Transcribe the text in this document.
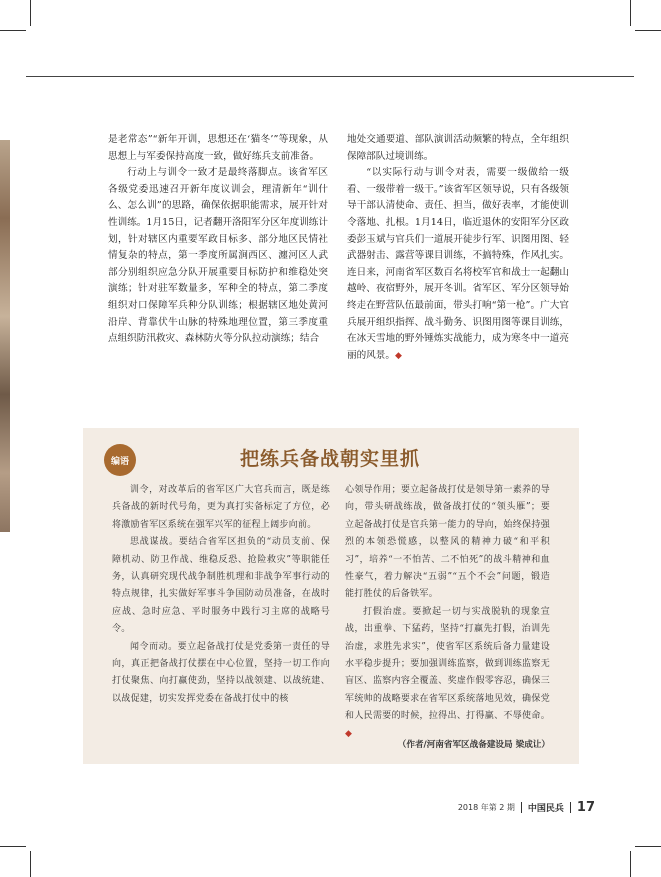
是老常态”“新年开训，思想还在‘猫冬’”等现象，从思想上与军委保持高度一致，做好练兵支前准备。

行动上与训令一致才是最终落脚点。该省军区各级党委迅速召开新年度议训会，理清新年“训什么、怎么训”的思路，确保依据职能需求，展开针对性训练。1月15日，记者翻开洛阳军分区年度训练计划，针对辖区内重要军政目标多、部分地区民情社情复杂的特点，第一季度所属涧西区、瀍河区人武部分别组织应急分队开展重要目标防护和维稳处突演练；针对驻军数量多，军种全的特点，第二季度组织对口保障军兵种分队训练；根据辖区地处黄河沿岸、背靠伏牛山脉的特殊地理位置，第三季度重点组织防汛救灾、森林防火等分队拉动演练；结合

地处交通要道、部队演训活动频繁的特点，全年组织保障部队过境训练。

“以实际行动与训令对表，需要一级做给一级看、一级带着一级干。”该省军区领导说，只有各级领导干部认清使命、责任、担当，做好表率，才能使训令落地、扎根。1月14日，临近退休的安阳军分区政委彭玉斌与官兵们一道展开徒步行军、识图用图、轻武器射击、露营等课目训练，不搞特殊，作风扎实。连日来，河南省军区数百名将校军官和战士一起翻山越岭、夜宿野外，展开冬训。省军区、军分区领导始终走在野营队伍最前面，带头打响“第一枪”。广大官兵展开组织指挥、战斗勤务、识图用图等课目训练，在冰天雪地的野外锤炼实战能力，成为寒冬中一道亮丽的风景。◆

编语	把练兵备战朝实里抓

训令，对改革后的省军区广大官兵而言，既是练兵备战的新时代号角，更为真打实备标定了方位，必将激励省军区系统在强军兴军的征程上阔步向前。

思战谋战。要结合省军区担负的“动员支前、保障机动、防卫作战、维稳反恐、抢险救灾”等职能任务，认真研究现代战争制胜机理和非战争军事行动的特点规律，扎实做好军事斗争国防动员准备，在战时应战、急时应急、平时服务中践行习主席的战略号令。

闻令而动。要立起备战打仗是党委第一责任的导向，真正把备战打仗摆在中心位置，坚持一切工作向打仗聚焦、向打赢使劲，坚持以战领建、以战统建、以战促建，切实发挥党委在备战打仗中的核

心领导作用；要立起备战打仗是领导第一素养的导向，带头研战练战，做备战打仗的“领头雁”；要立起备战打仗是官兵第一能力的导向，始终保持强烈的本领恐慌感，以整风的精神力破“和平积习”，培养“一不怕苦、二不怕死”的战斗精神和血性豪气，着力解决“五弱”“五个不会”问题，锻造能打胜仗的后备铁军。

打假治虚。要掀起一切与实战脱轨的现象宣战，出重拳、下猛药，坚持“打赢先打假，治训先治虚，求胜先求实”，使省军区系统后备力量建设水平稳步提升；要加强训练监察，做到训练监察无盲区、监察内容全覆盖、奖虚作假零容忍，确保三军统帅的战略要求在省军区系统落地见效，确保党和人民需要的时候，拉得出、打得赢、不辱使命。◆

（作者/河南省军区战备建设局 梁成让）
2018 年第 2 期 中国民兵 17
